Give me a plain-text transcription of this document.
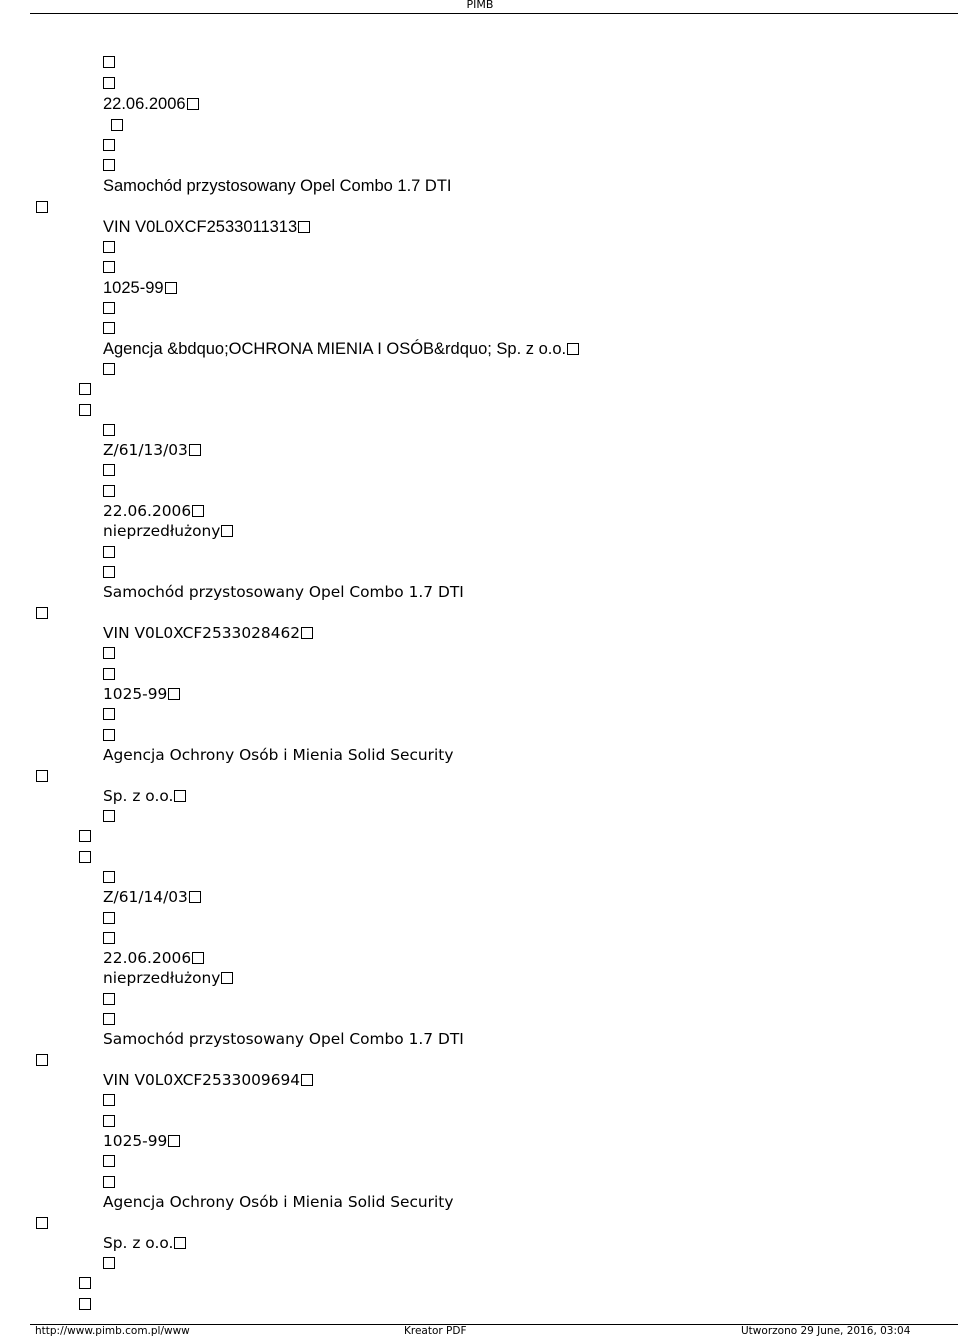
PIMB
22.06.2006
Samochód przystosowany Opel Combo 1.7 DTI
VIN V0L0XCF2533011313
1025-99
Agencja &bdquo;OCHRONA MIENIA I OSÓB&rdquo; Sp. z o.o.
Z/61/13/03
22.06.2006
nieprzedłużony
Samochód przystosowany Opel Combo 1.7 DTI
VIN V0L0XCF2533028462
1025-99
Agencja Ochrony Osób i Mienia Solid Security
Sp. z o.o.
Z/61/14/03
22.06.2006
nieprzedłużony
Samochód przystosowany Opel Combo 1.7 DTI
VIN V0L0XCF2533009694
1025-99
Agencja Ochrony Osób i Mienia Solid Security
Sp. z o.o.
http://www.pimb.com.pl/www	Kreator PDF	Utworzono 29 June, 2016, 03:04
